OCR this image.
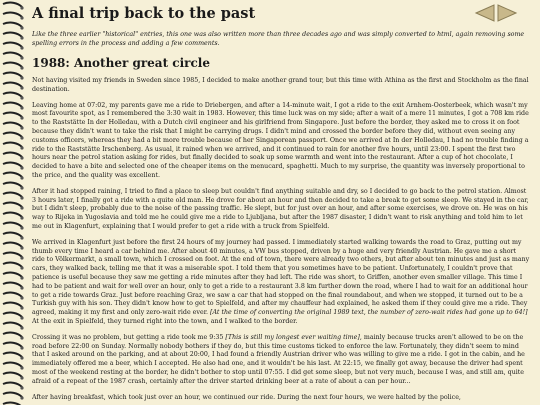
A final trip back to the past
Like the three earlier "historical" entries, this one was also written more than three decades ago and was simply converted to html, again removing some spelling errors in the process and adding a few comments.
1988: Another great circle

Not having visited my friends in Sweden since 1985, I decided to make another grand tour, but this time with Athina as the first and Stockholm as the final destination.

Leaving home at 07:02, my parents gave me a ride to Driebergen, and after a 14-minute wait, I got a ride to the exit Arnhem-Oosterbeek, which wasn't my most favourite spot, as I remembered the 3:30 wait in 1983. However, this time luck was on my side; after a wait of a mere 11 minutes, I got a 708 km ride to the Raststätte In der Holledau, with a Dutch civil engineer and his girlfriend from Singapore. Just before the border, they asked me to cross it on foot because they didn't want to take the risk that I might be carrying drugs. I didn't mind and crossed the border before they did, without even seeing any customs officers, whereas they had a bit more trouble because of her Singaporean passport. Once we arrived at In der Holledau, I had no trouble finding a ride to the Raststätte Irschenberg. As usual, it rained when we arrived, and it continued to rain for another five hours, until 23:00. I spent the first two hours near the petrol station asking for rides, but finally decided to soak up some warmth and went into the restaurant. After a cup of hot chocolate, I decided to have a bite and selected one of the cheaper items on the menucard, spaghetti. Much to my surprise, the quantity was inversely proportional to the price, and the quality was excellent.

After it had stopped raining, I tried to find a place to sleep but couldn't find anything suitable and dry, so I decided to go back to the petrol station. Almost 3 hours later, I finally got a ride with a quite old man. He drove for about an hour and then decided to take a break to get some sleep. We stayed in the car, but I didn't sleep, probably due to the noise of the passing traffic. He slept, but for just over an hour, and after some exercises, we drove on. He was on his way to Rijeka in Yugoslavia and told me he could give me a ride to Ljubljana, but after the 1987 disaster, I didn't want to risk anything and told him to let me out in Klagenfurt, explaining that I would prefer to get a ride with a truck from Spielfeld.

We arrived in Klagenfurt just before the first 24 hours of my journey had passed. I immediately started walking towards the road to Graz, putting out my thumb every time I heard a car behind me. After about 40 minutes, a VW bus stopped, driven by a huge and very friendly Austrian. He gave me a short ride to Völkermarkt, a small town, which I crossed on foot. At the end of town, there were already two others, but after about ten minutes and just as many cars, they walked back, telling me that it was a miserable spot. I told them that you sometimes have to be patient. Unfortunately, I couldn't prove that patience is useful because they saw me getting a ride minutes after they had left. The ride was short, to Griffen, another even smaller village. This time I had to be patient and wait for well over an hour, only to get a ride to a restaurant 3.8 km further down the road, where I had to wait for an additional hour to get a ride towards Graz. Just before reaching Graz, we saw a car that had stopped on the final roundabout, and when we stopped, it turned out to be a Turkish guy with his son. They didn't know how to get to Spielfeld, and after my chauffeur had explained, he asked them if they could give me a ride. They agreed, making it my first and only zero-wait ride ever. [At the time of converting the original 1989 text, the number of zero-wait rides had gone up to 64!] At the exit in Spielfeld, they turned right into the town, and I walked to the border.

Crossing it was no problem, but getting a ride took me 9:35 [This is still my longest ever waiting time], mainly because trucks aren't allowed to be on the road before 22:00 on Sunday. Normally nobody bothers if they do, but this time customs ticked to enforce the law. Fortunately, they didn't seem to mind that I asked around on the parking, and at about 20:00, I had found a friendly Austrian driver who was willing to give me a ride. I got in the cabin, and he immediately offered me a beer, which I accepted. He also had one, and it wouldn't be his last. At 22:15, we finally got away, because the driver had spent most of the weekend resting at the border, he didn't bother to stop until 07:55. I did get some sleep, but not very much, because I was, and still am, quite afraid of a repeat of the 1987 crash, certainly after the driver started drinking beer at a rate of about a can per hour...

After having breakfast, which took just over an hour, we continued our ride. During the next four hours, we were halted by the police,
